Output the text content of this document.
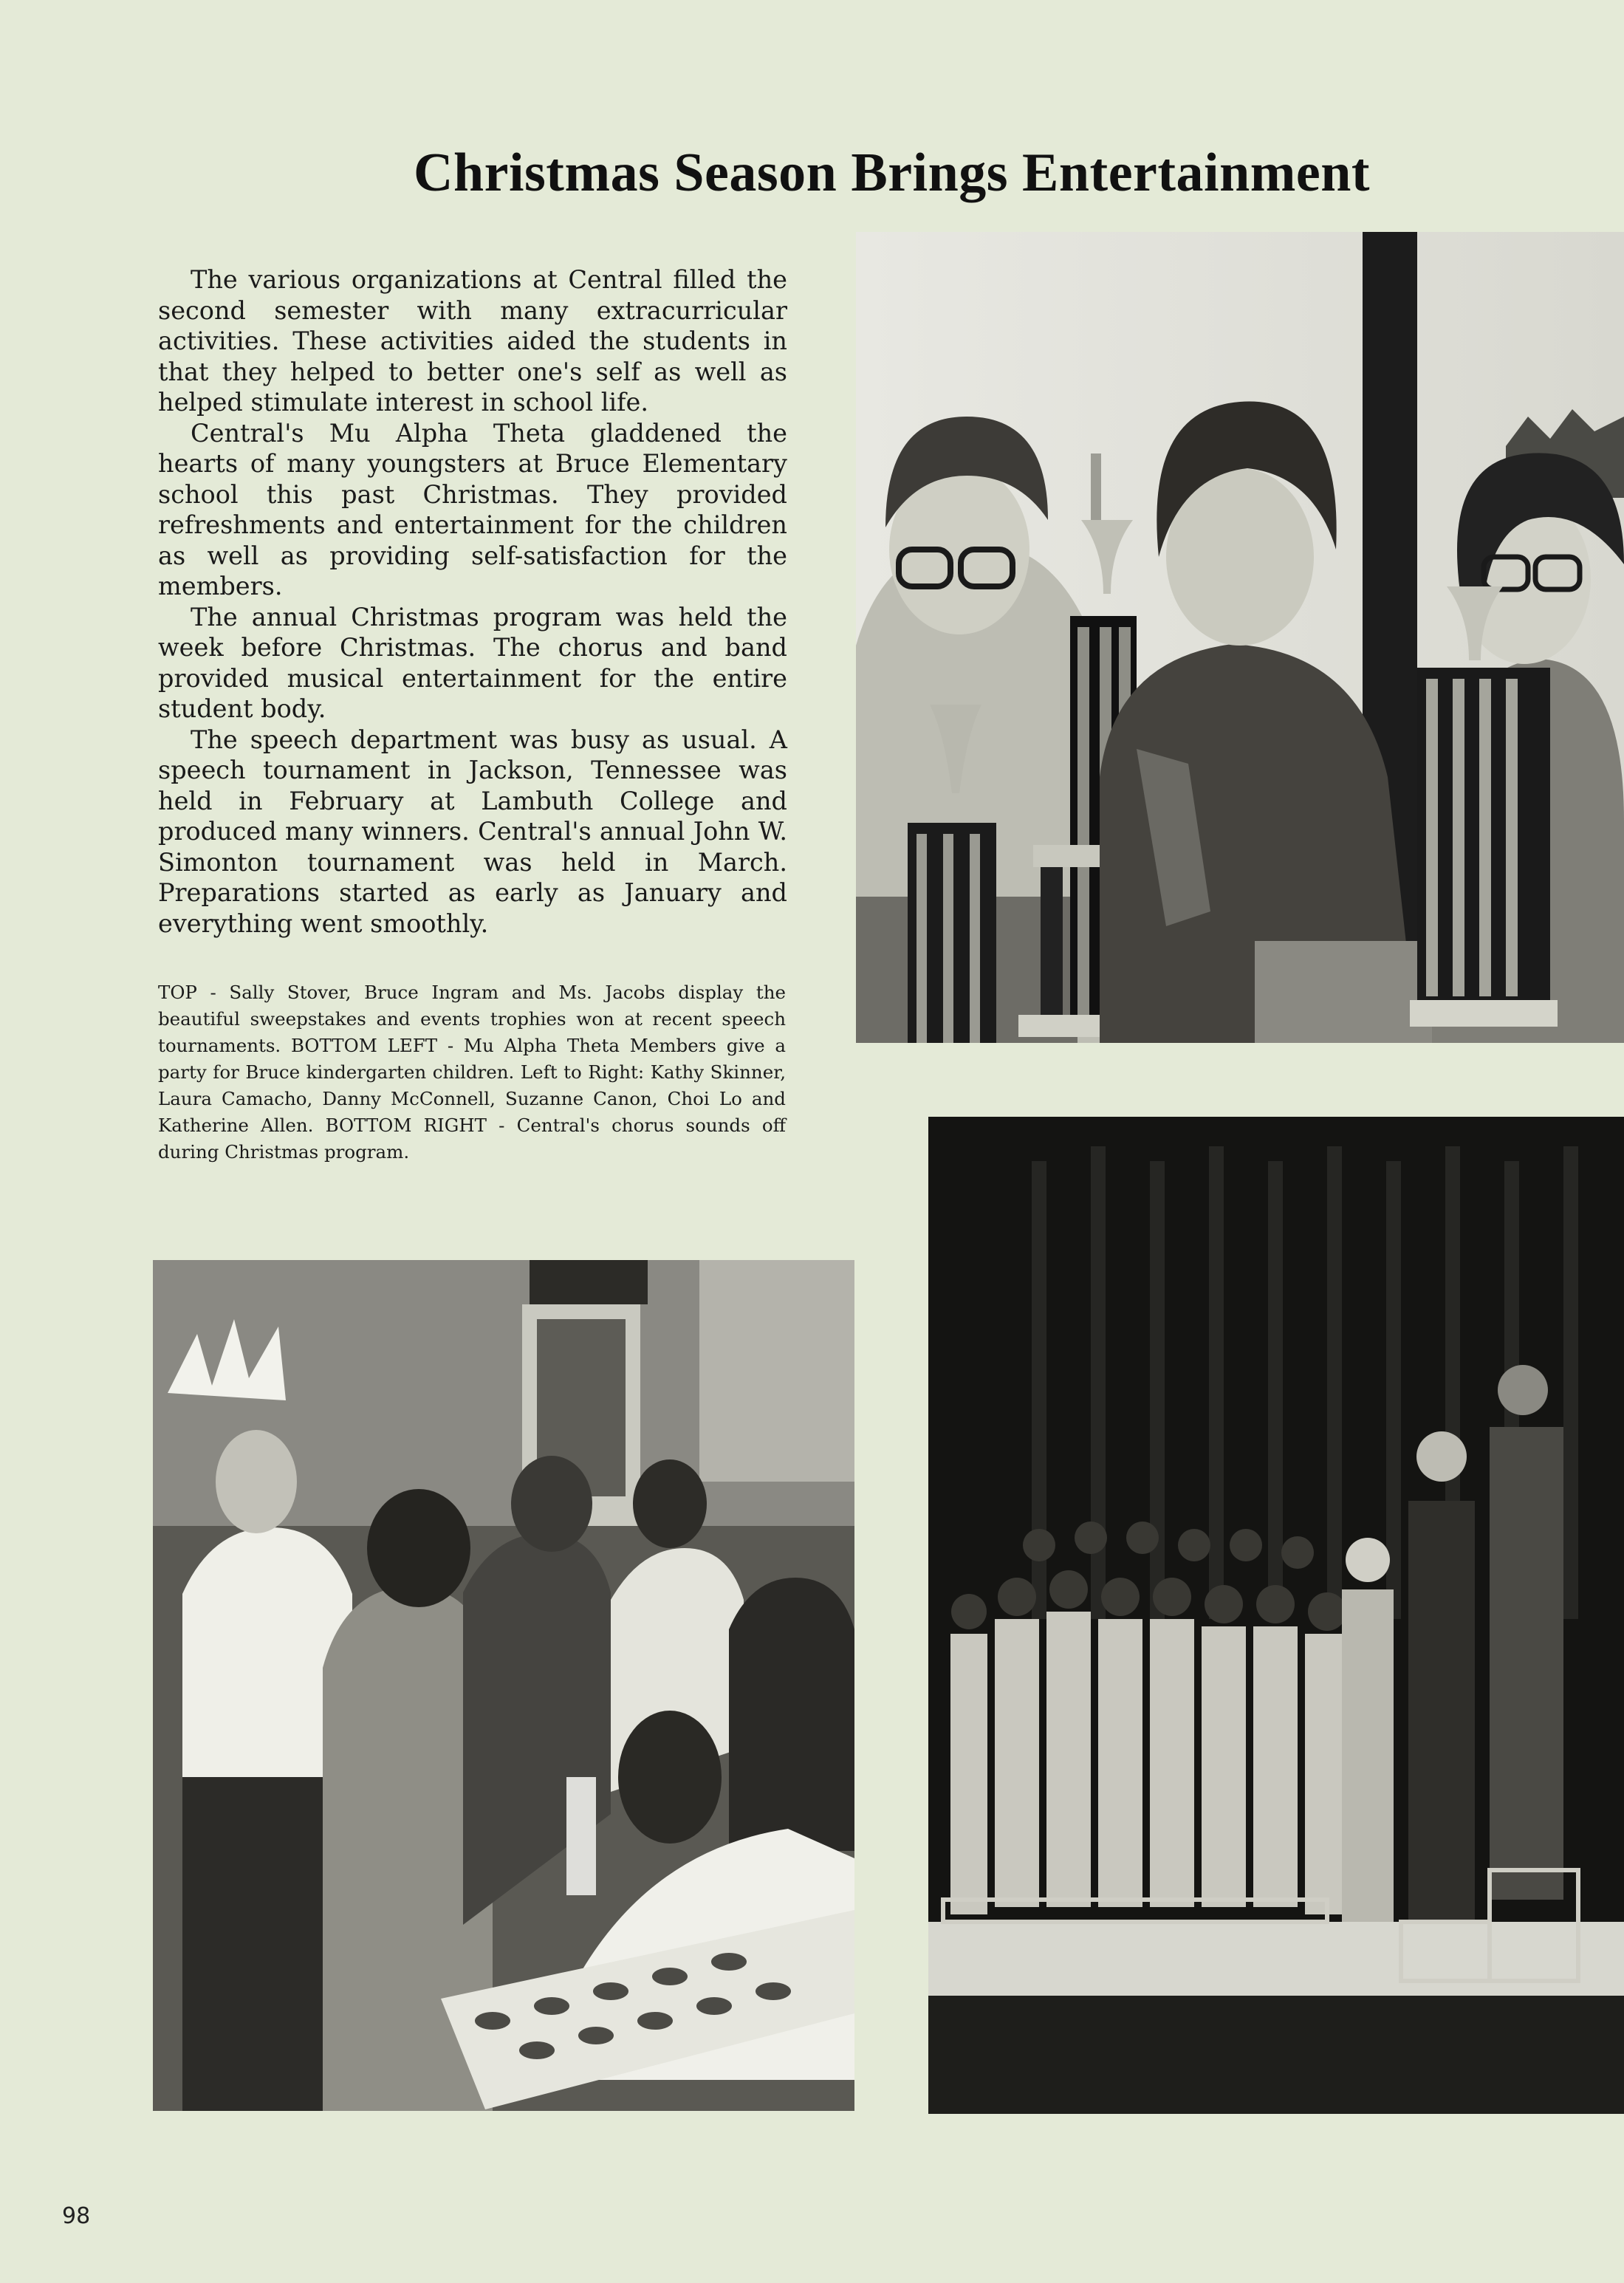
Christmas Season Brings Entertainment

The various organizations at Central filled the second semester with many extracurricular activities. These activities aided the students in that they helped to better one's self as well as helped stimulate interest in school life.

Central's Mu Alpha Theta gladdened the hearts of many youngsters at Bruce Elementary school this past Christmas. They provided refreshments and entertainment for the children as well as providing self-satisfaction for the members.

The annual Christmas program was held the week before Christmas. The chorus and band provided musical entertainment for the entire student body.

The speech department was busy as usual. A speech tournament in Jackson, Tennessee was held in February at Lambuth College and produced many winners. Central's annual John W. Simonton tournament was held in March. Preparations started as early as January and everything went smoothly.

TOP - Sally Stover, Bruce Ingram and Ms. Jacobs display the beautiful sweepstakes and events trophies won at recent speech tournaments. BOTTOM LEFT - Mu Alpha Theta Members give a party for Bruce kindergarten children. Left to Right: Kathy Skinner, Laura Camacho, Danny McConnell, Suzanne Canon, Choi Lo and Katherine Allen. BOTTOM RIGHT - Central's chorus sounds off during Christmas program.

98
